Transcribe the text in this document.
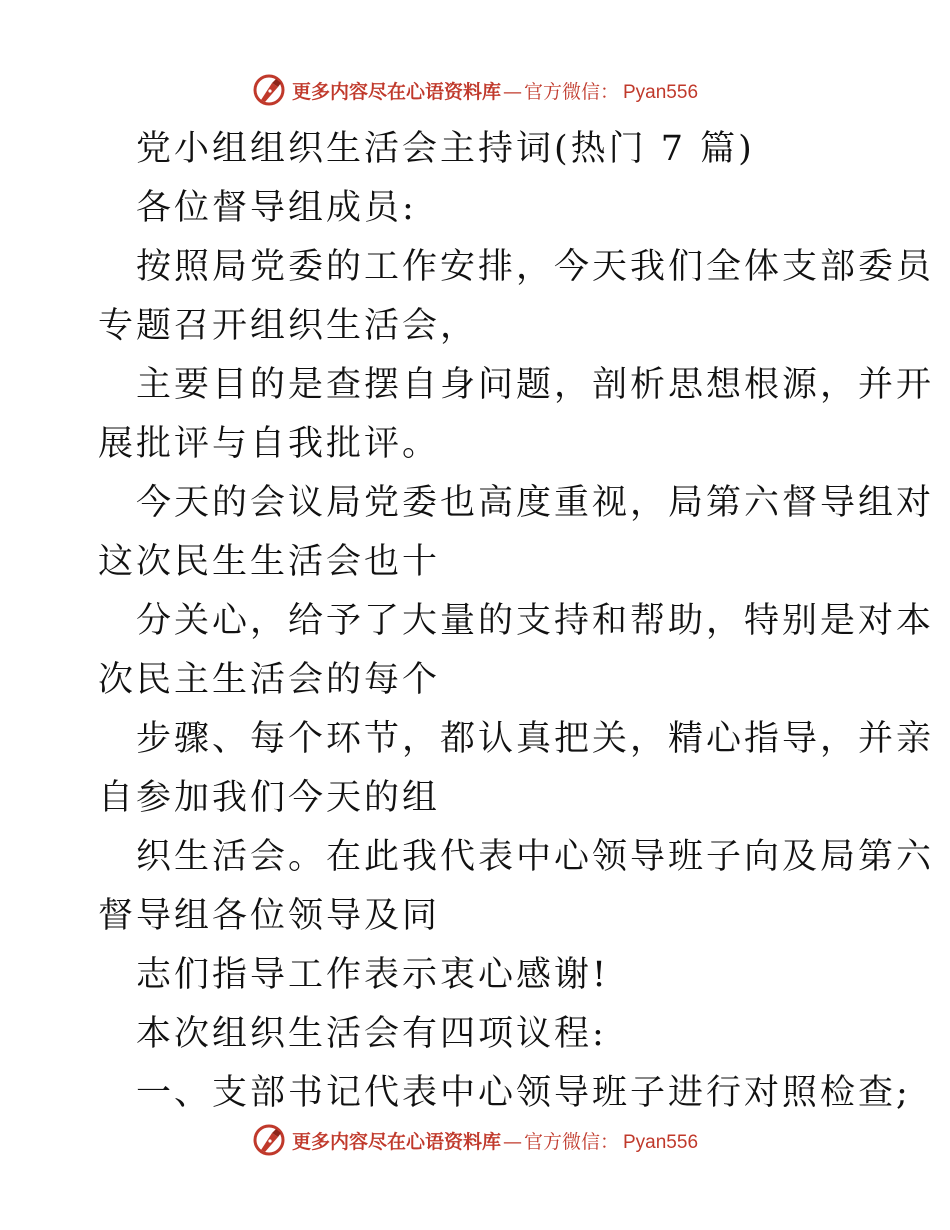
更多内容尽在心语资料库 — 官方微信： Pyan556
党小组组织生活会主持词(热门 7 篇)
各位督导组成员:
按照局党委的工作安排，今天我们全体支部委员
专题召开组织生活会，
主要目的是查摆自身问题，剖析思想根源，并开
展批评与自我批评。
今天的会议局党委也高度重视，局第六督导组对
这次民生生活会也十
分关心，给予了大量的支持和帮助，特别是对本
次民主生活会的每个
步骤、每个环节，都认真把关，精心指导，并亲
自参加我们今天的组
织生活会。在此我代表中心领导班子向及局第六
督导组各位领导及同
志们指导工作表示衷心感谢!
本次组织生活会有四项议程:
一、支部书记代表中心领导班子进行对照检查;
更多内容尽在心语资料库 — 官方微信： Pyan556
